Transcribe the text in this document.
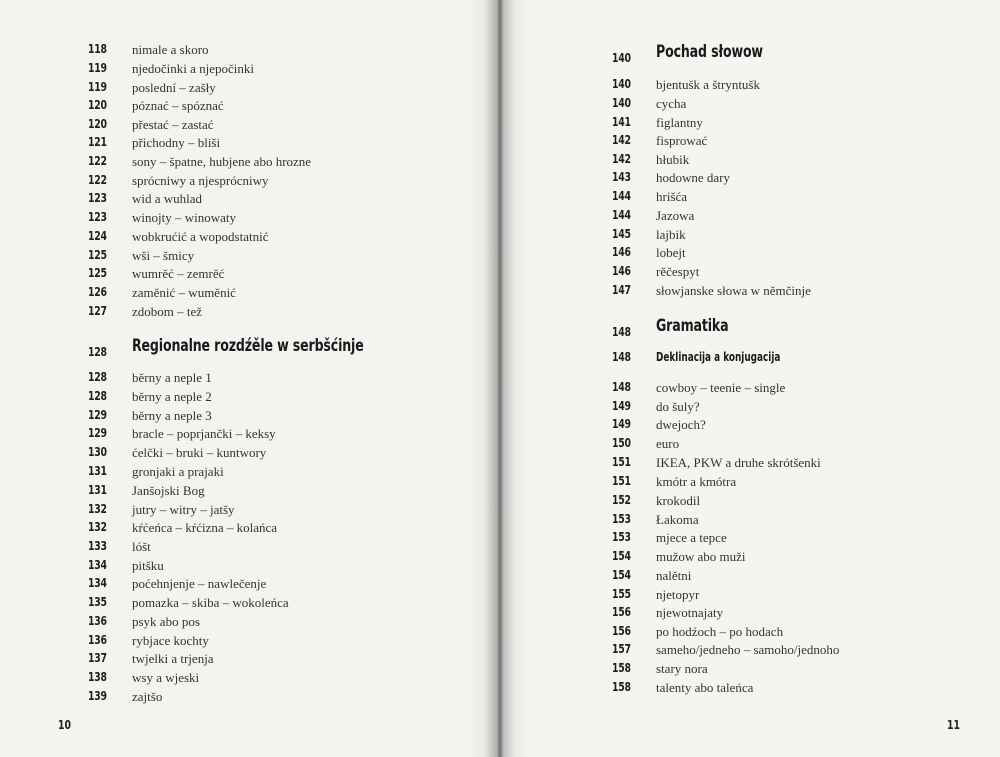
118	nimale a skoro
119	njedočinki a njepočinki
119	poslední – zašły
120	póznać – spóznać
120	přestać – zastać
121	přichodny – bliši
122	sony – špatne, hubjene abo hrozne
122	sprócniwy a njesprócniwy
123	wid a wuhlad
123	winojty – winowaty
124	wobkrućić a wopodstatnić
125	wši – šmicy
125	wumrěć – zemrěć
126	zaměnić – wuměnić
127	zdobom – tež
128	Regionalne rozdźěle w serbšćinje
128	běrny a neple 1
128	běrny a neple 2
129	běrny a neple 3
129	bracle – poprjančki – keksy
130	ćelčki – bruki – kuntwory
131	gronjaki a prajaki
131	Janšojski Bog
132	jutry – witry – jatšy
132	kŕćeńca – kŕćizna – kolańca
133	lóšt
134	pitšku
134	poćehnjenje – nawlečenje
135	pomazka – skiba – wokoleńca
136	psyk abo pos
136	rybjace kochty
137	twjelki a trjenja
138	wsy a wjeski
139	zajtšo
10
140	Pochad słowow
140	bjentušk a štryntušk
140	cycha
141	figlantny
142	fisprować
142	hłubik
143	hodowne dary
144	hrišća
144	Jazowa
145	lajbik
146	lobejt
146	rěčespyt
147	słowjanske słowa w němčinje
148	Gramatika
148	Deklinacija a konjugacija
148	cowboy – teenie – single
149	do šuly?
149	dwejoch?
150	euro
151	IKEA, PKW a druhe skrótšenki
151	kmótr a kmótra
152	krokodil
153	Łakoma
153	mjece a tepce
154	mužow abo muži
154	nalětni
155	njetopyr
156	njewotnajaty
156	po hodźoch – po hodach
157	sameho/jedneho – samoho/jednoho
158	stary nora
158	talenty abo taleńca
11
